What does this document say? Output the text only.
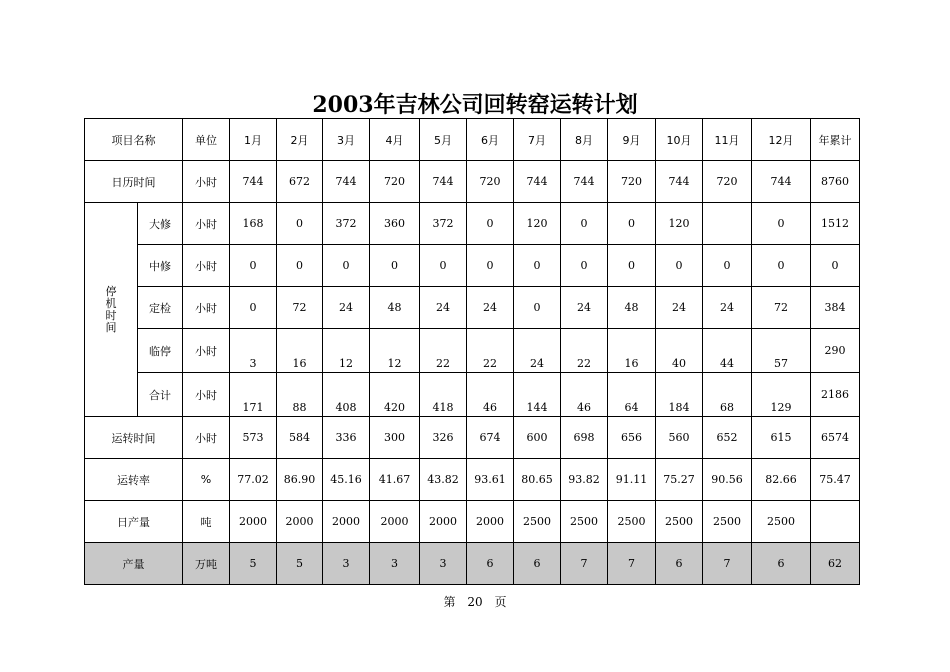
2003年吉林公司回转窑运转计划
项目名称		单位	1月	2月	3月	4月	5月	6月	7月	8月	9月	10月	11月	12月	年累计
日历时间		小时	744	672	744	720	744	720	744	744	720	744	720	744	8760
停
机
时
间	大修	小时	168	0	372	360	372	0	120	0	0	120		0	1512
	中修	小时	0	0	0	0	0	0	0	0	0	0	0	0	0
	定检	小时	0	72	24	48	24	24	0	24	48	24	24	72	384
	临停	小时	3	16	12	12	22	22	24	22	16	40	44	57	290
	合计	小时	171	88	408	420	418	46	144	46	64	184	68	129	2186
运转时间		小时	573	584	336	300	326	674	600	698	656	560	652	615	6574
运转率		%	77.02	86.90	45.16	41.67	43.82	93.61	80.65	93.82	91.11	75.27	90.56	82.66	75.47
日产量		吨	2000	2000	2000	2000	2000	2000	2500	2500	2500	2500	2500	2500	
产量		万吨	5	5	3	3	3	6	6	7	7	6	7	6	62
第 20 页
